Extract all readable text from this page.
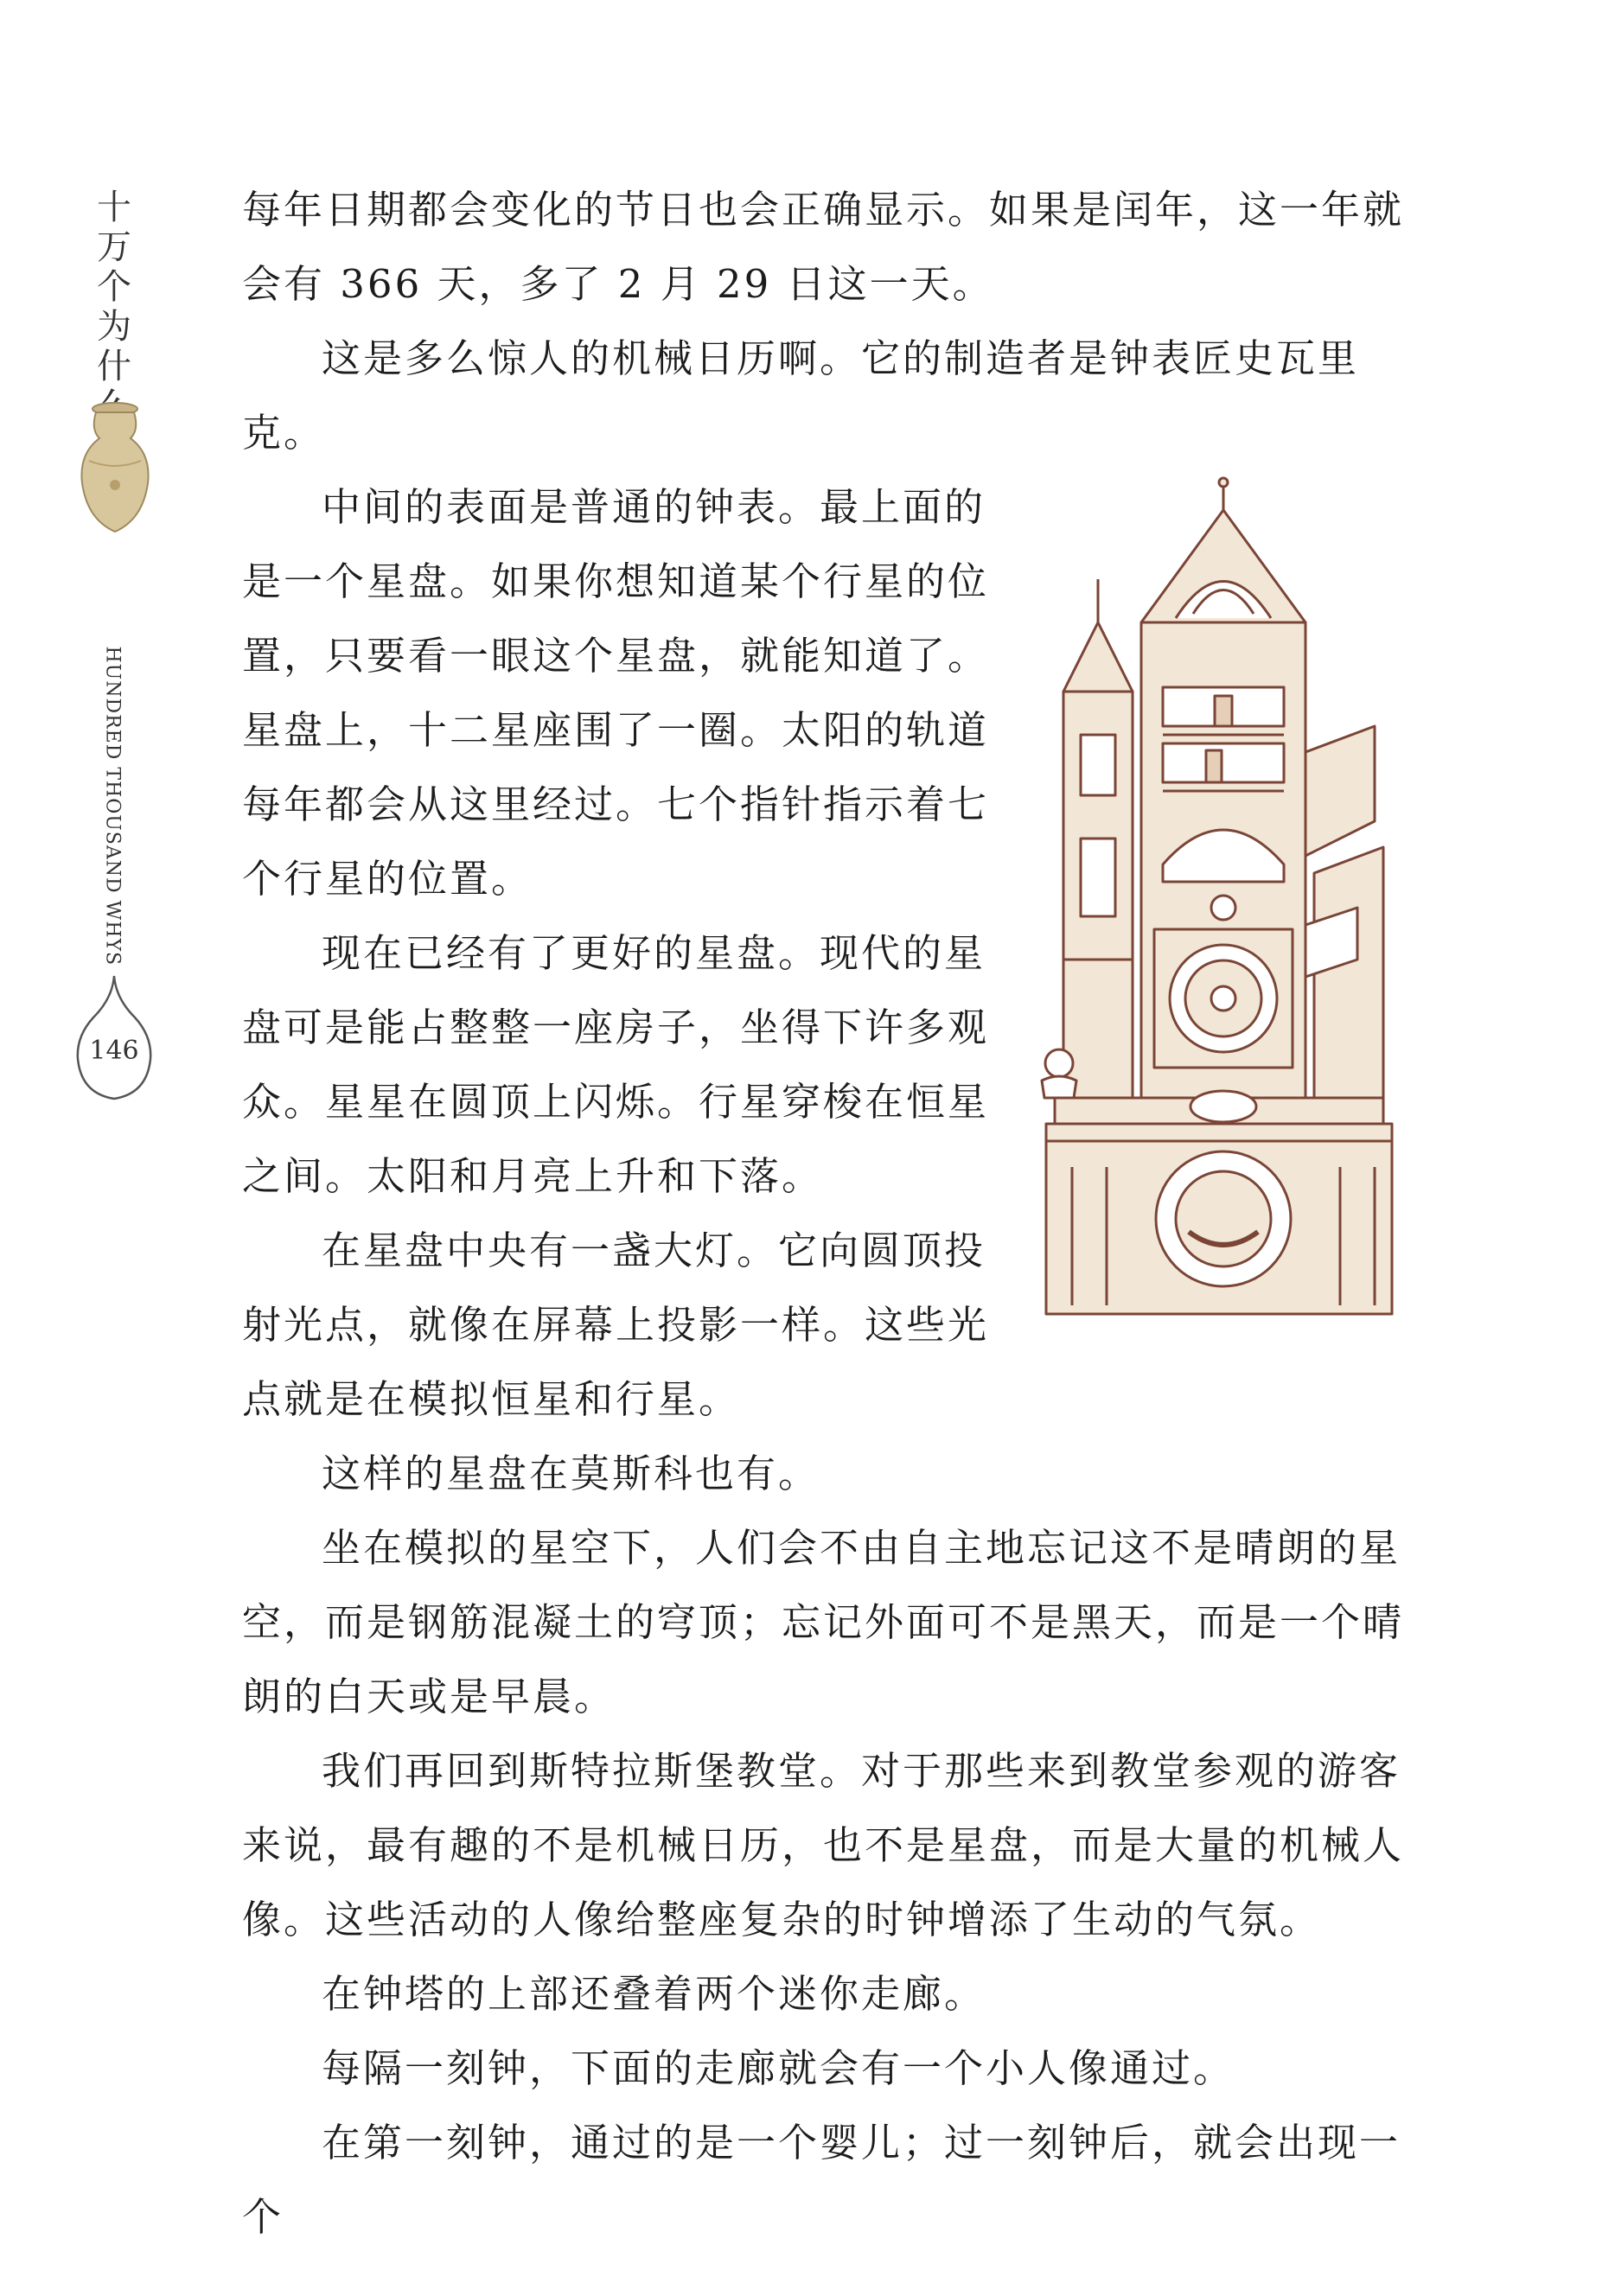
十万个为什
HUNDRED THOUSAND WHYS
146

每年日期都会变化的节日也会正确显示。如果是闰年，这一年就会有 366 天，多了 2 月 29 日这一天。

这是多么惊人的机械日历啊。它的制造者是钟表匠史瓦里克。

中间的表面是普通的钟表。最上面的是一个星盘。如果你想知道某个行星的位置，只要看一眼这个星盘，就能知道了。星盘上，十二星座围了一圈。太阳的轨道每年都会从这里经过。七个指针指示着七个行星的位置。

现在已经有了更好的星盘。现代的星盘可是能占整整一座房子，坐得下许多观众。星星在圆顶上闪烁。行星穿梭在恒星之间。太阳和月亮上升和下落。

在星盘中央有一盏大灯。它向圆顶投射光点，就像在屏幕上投影一样。这些光点就是在模拟恒星和行星。

这样的星盘在莫斯科也有。

坐在模拟的星空下，人们会不由自主地忘记这不是晴朗的星空，而是钢筋混凝土的穹顶；忘记外面可不是黑天，而是一个晴朗的白天或是早晨。

我们再回到斯特拉斯堡教堂。对于那些来到教堂参观的游客来说，最有趣的不是机械日历，也不是星盘，而是大量的机械人像。这些活动的人像给整座复杂的时钟增添了生动的气氛。

在钟塔的上部还叠着两个迷你走廊。

每隔一刻钟，下面的走廊就会有一个小人像通过。

在第一刻钟，通过的是一个婴儿；过一刻钟后，就会出现一个
